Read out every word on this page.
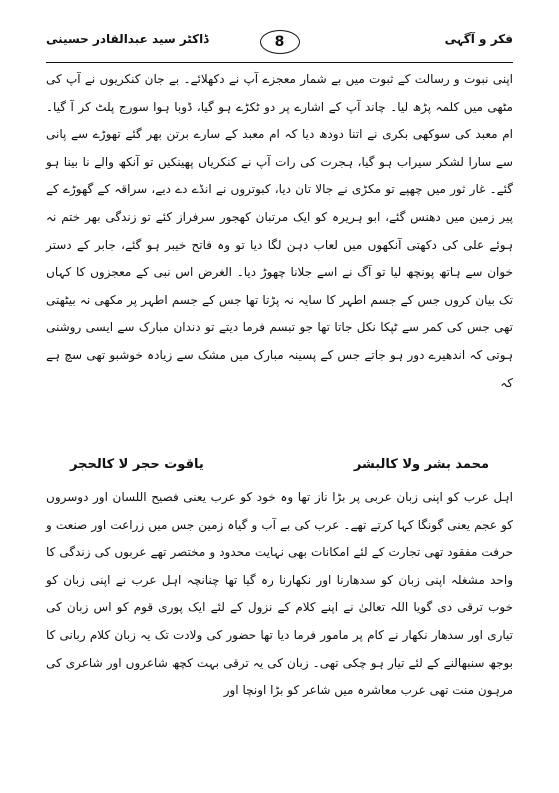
فکر و آگہی
8
ڈاکٹر سید عبدالقادر حسینی

اپنی نبوت و رسالت کے ثبوت میں بے شمار معجزے آپ نے دکھلائے۔ بے جان کنکریوں نے آپ کی مٹھی میں کلمہ پڑھ لیا۔ چاند آپ کے اشارے پر دو ٹکڑے ہو گیا، ڈوبا ہوا سورج پلٹ کر آ گیا۔ ام معبد کی سوکھی بکری نے اتنا دودھ دیا کہ ام معبد کے سارے برتن بھر گئے تھوڑے سے پانی سے سارا لشکر سیراب ہو گیا، ہجرت کی رات آپ نے کنکریاں پھینکیں تو آنکھ والے نا بینا ہو گئے۔ غار ثور میں چھپے تو مکڑی نے جالا تان دیا، کبوتروں نے انڈے دے دیے، سراقہ کے گھوڑے کے پیر زمین میں دھنس گئے، ابو ہریرہ کو ایک مرتبان کھجور سرفراز کئے تو زندگی بھر ختم نہ ہوئے علی کی دکھتی آنکھوں میں لعاب دہن لگا دیا تو وہ فاتح خیبر ہو گئے، جابر کے دستر خوان سے ہاتھ پونچھ لیا تو آگ نے اسے جلانا چھوڑ دیا۔ الغرض اس نبی کے معجزوں کا کہاں تک بیان کروں جس کے جسم اطہر کا سایہ نہ پڑتا تھا جس کے جسم اطہر پر مکھی نہ بیٹھتی تھی جس کی کمر سے ٹپکا نکل جاتا تھا جو تبسم فرما دیتے تو دندان مبارک سے ایسی روشنی ہوتی کہ اندھیرے دور ہو جاتے جس کے پسینہ مبارک میں مشک سے زیادہ خوشبو تھی سچ ہے کہ

محمد بشر ولا کالبشر
یاقوت حجر لا کالحجر

اہل عرب کو اپنی زبان عربی پر بڑا ناز تھا وہ خود کو عرب یعنی فصیح اللسان اور دوسروں کو عجم یعنی گونگا کہا کرتے تھے۔ عرب کی بے آب و گیاہ زمین جس میں زراعت اور صنعت و حرفت مفقود تھی تجارت کے لئے امکانات بھی نہایت محدود و مختصر تھے عربوں کی زندگی کا واحد مشغلہ اپنی زبان کو سدھارنا اور نکھارنا رہ گیا تھا چنانچہ اہل عرب نے اپنی زبان کو خوب ترقی دی گویا اللہ تعالیٰ نے اپنے کلام کے نزول کے لئے ایک پوری قوم کو اس زبان کی تیاری اور سدھار نکھار نے کام پر مامور فرما دیا تھا حضور کی ولادت تک یہ زبان کلام ربانی کا بوجھ سنبھالنے کے لئے تیار ہو چکی تھی۔ زبان کی یہ ترقی بہت کچھ شاعروں اور شاعری کی مرہون منت تھی عرب معاشرہ میں شاعر کو بڑا اونچا اور
